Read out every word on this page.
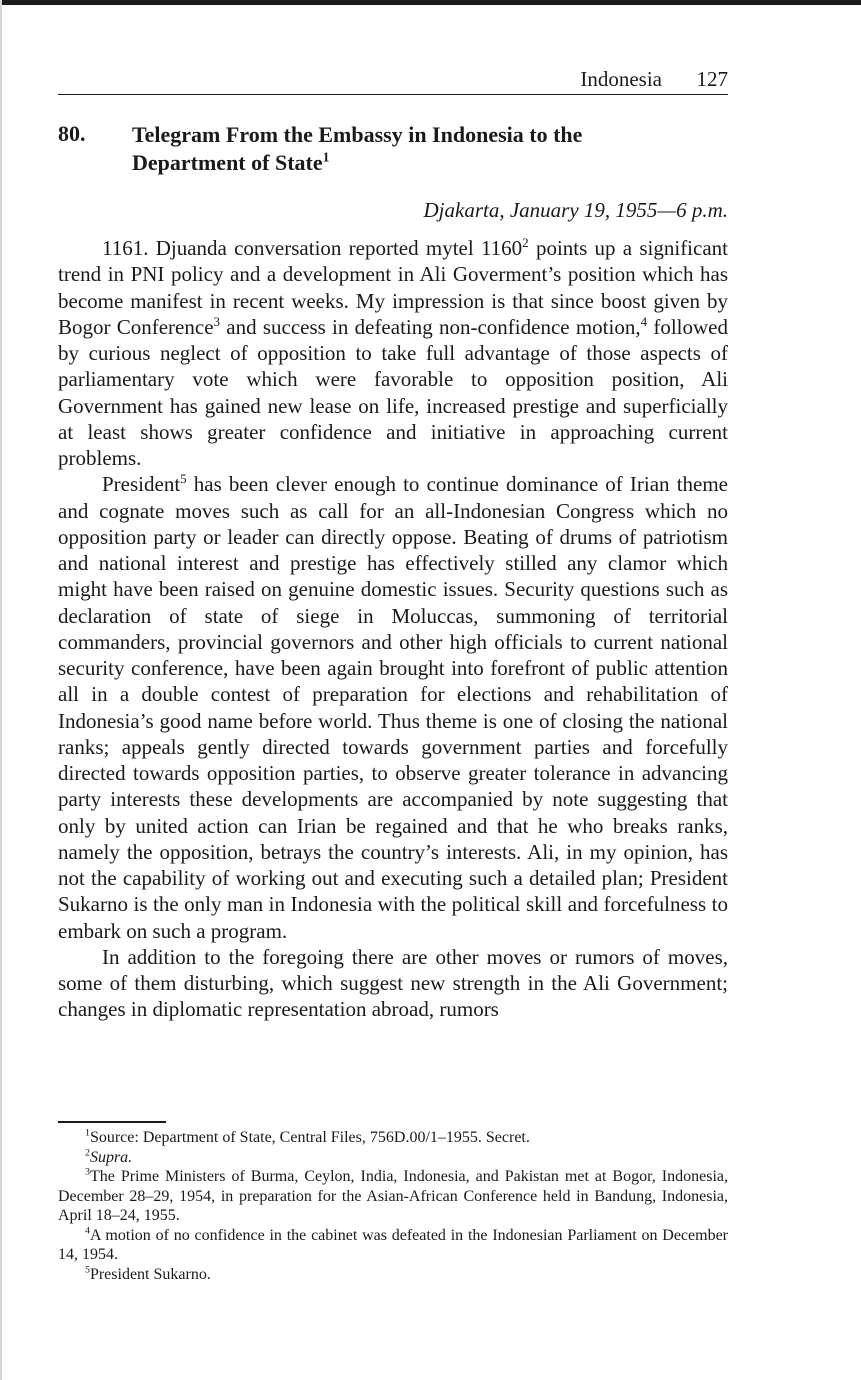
Indonesia 127
80. Telegram From the Embassy in Indonesia to the Department of State$^1$
Djakarta, January 19, 1955—6 p.m.

1161. Djuanda conversation reported mytel 1160$^2$ points up a significant trend in PNI policy and a development in Ali Goverment’s position which has become manifest in recent weeks. My impression is that since boost given by Bogor Conference$^3$ and success in defeating non-confidence motion,$^4$ followed by curious neglect of opposition to take full advantage of those aspects of parliamentary vote which were favorable to opposition position, Ali Government has gained new lease on life, increased prestige and superficially at least shows greater confidence and initiative in approaching current problems.

President$^5$ has been clever enough to continue dominance of Irian theme and cognate moves such as call for an all-Indonesian Congress which no opposition party or leader can directly oppose. Beating of drums of patriotism and national interest and prestige has effectively stilled any clamor which might have been raised on genuine domestic issues. Security questions such as declaration of state of siege in Moluccas, summoning of territorial commanders, provincial governors and other high officials to current national security conference, have been again brought into forefront of public attention all in a double contest of preparation for elections and rehabilitation of Indonesia’s good name before world. Thus theme is one of closing the national ranks; appeals gently directed towards government parties and forcefully directed towards opposition parties, to observe greater tolerance in advancing party interests these developments are accompanied by note suggesting that only by united action can Irian be regained and that he who breaks ranks, namely the opposition, betrays the country’s interests. Ali, in my opinion, has not the capability of working out and executing such a detailed plan; President Sukarno is the only man in Indonesia with the political skill and forcefulness to embark on such a program.

In addition to the foregoing there are other moves or rumors of moves, some of them disturbing, which suggest new strength in the Ali Government; changes in diplomatic representation abroad, rumors

$^1$Source: Department of State, Central Files, 756D.00/1–1955. Secret.

$^2$Supra.

$^3$The Prime Ministers of Burma, Ceylon, India, Indonesia, and Pakistan met at Bogor, Indonesia, December 28–29, 1954, in preparation for the Asian-African Conference held in Bandung, Indonesia, April 18–24, 1955.

$^4$A motion of no confidence in the cabinet was defeated in the Indonesian Parliament on December 14, 1954.

$^5$President Sukarno.
